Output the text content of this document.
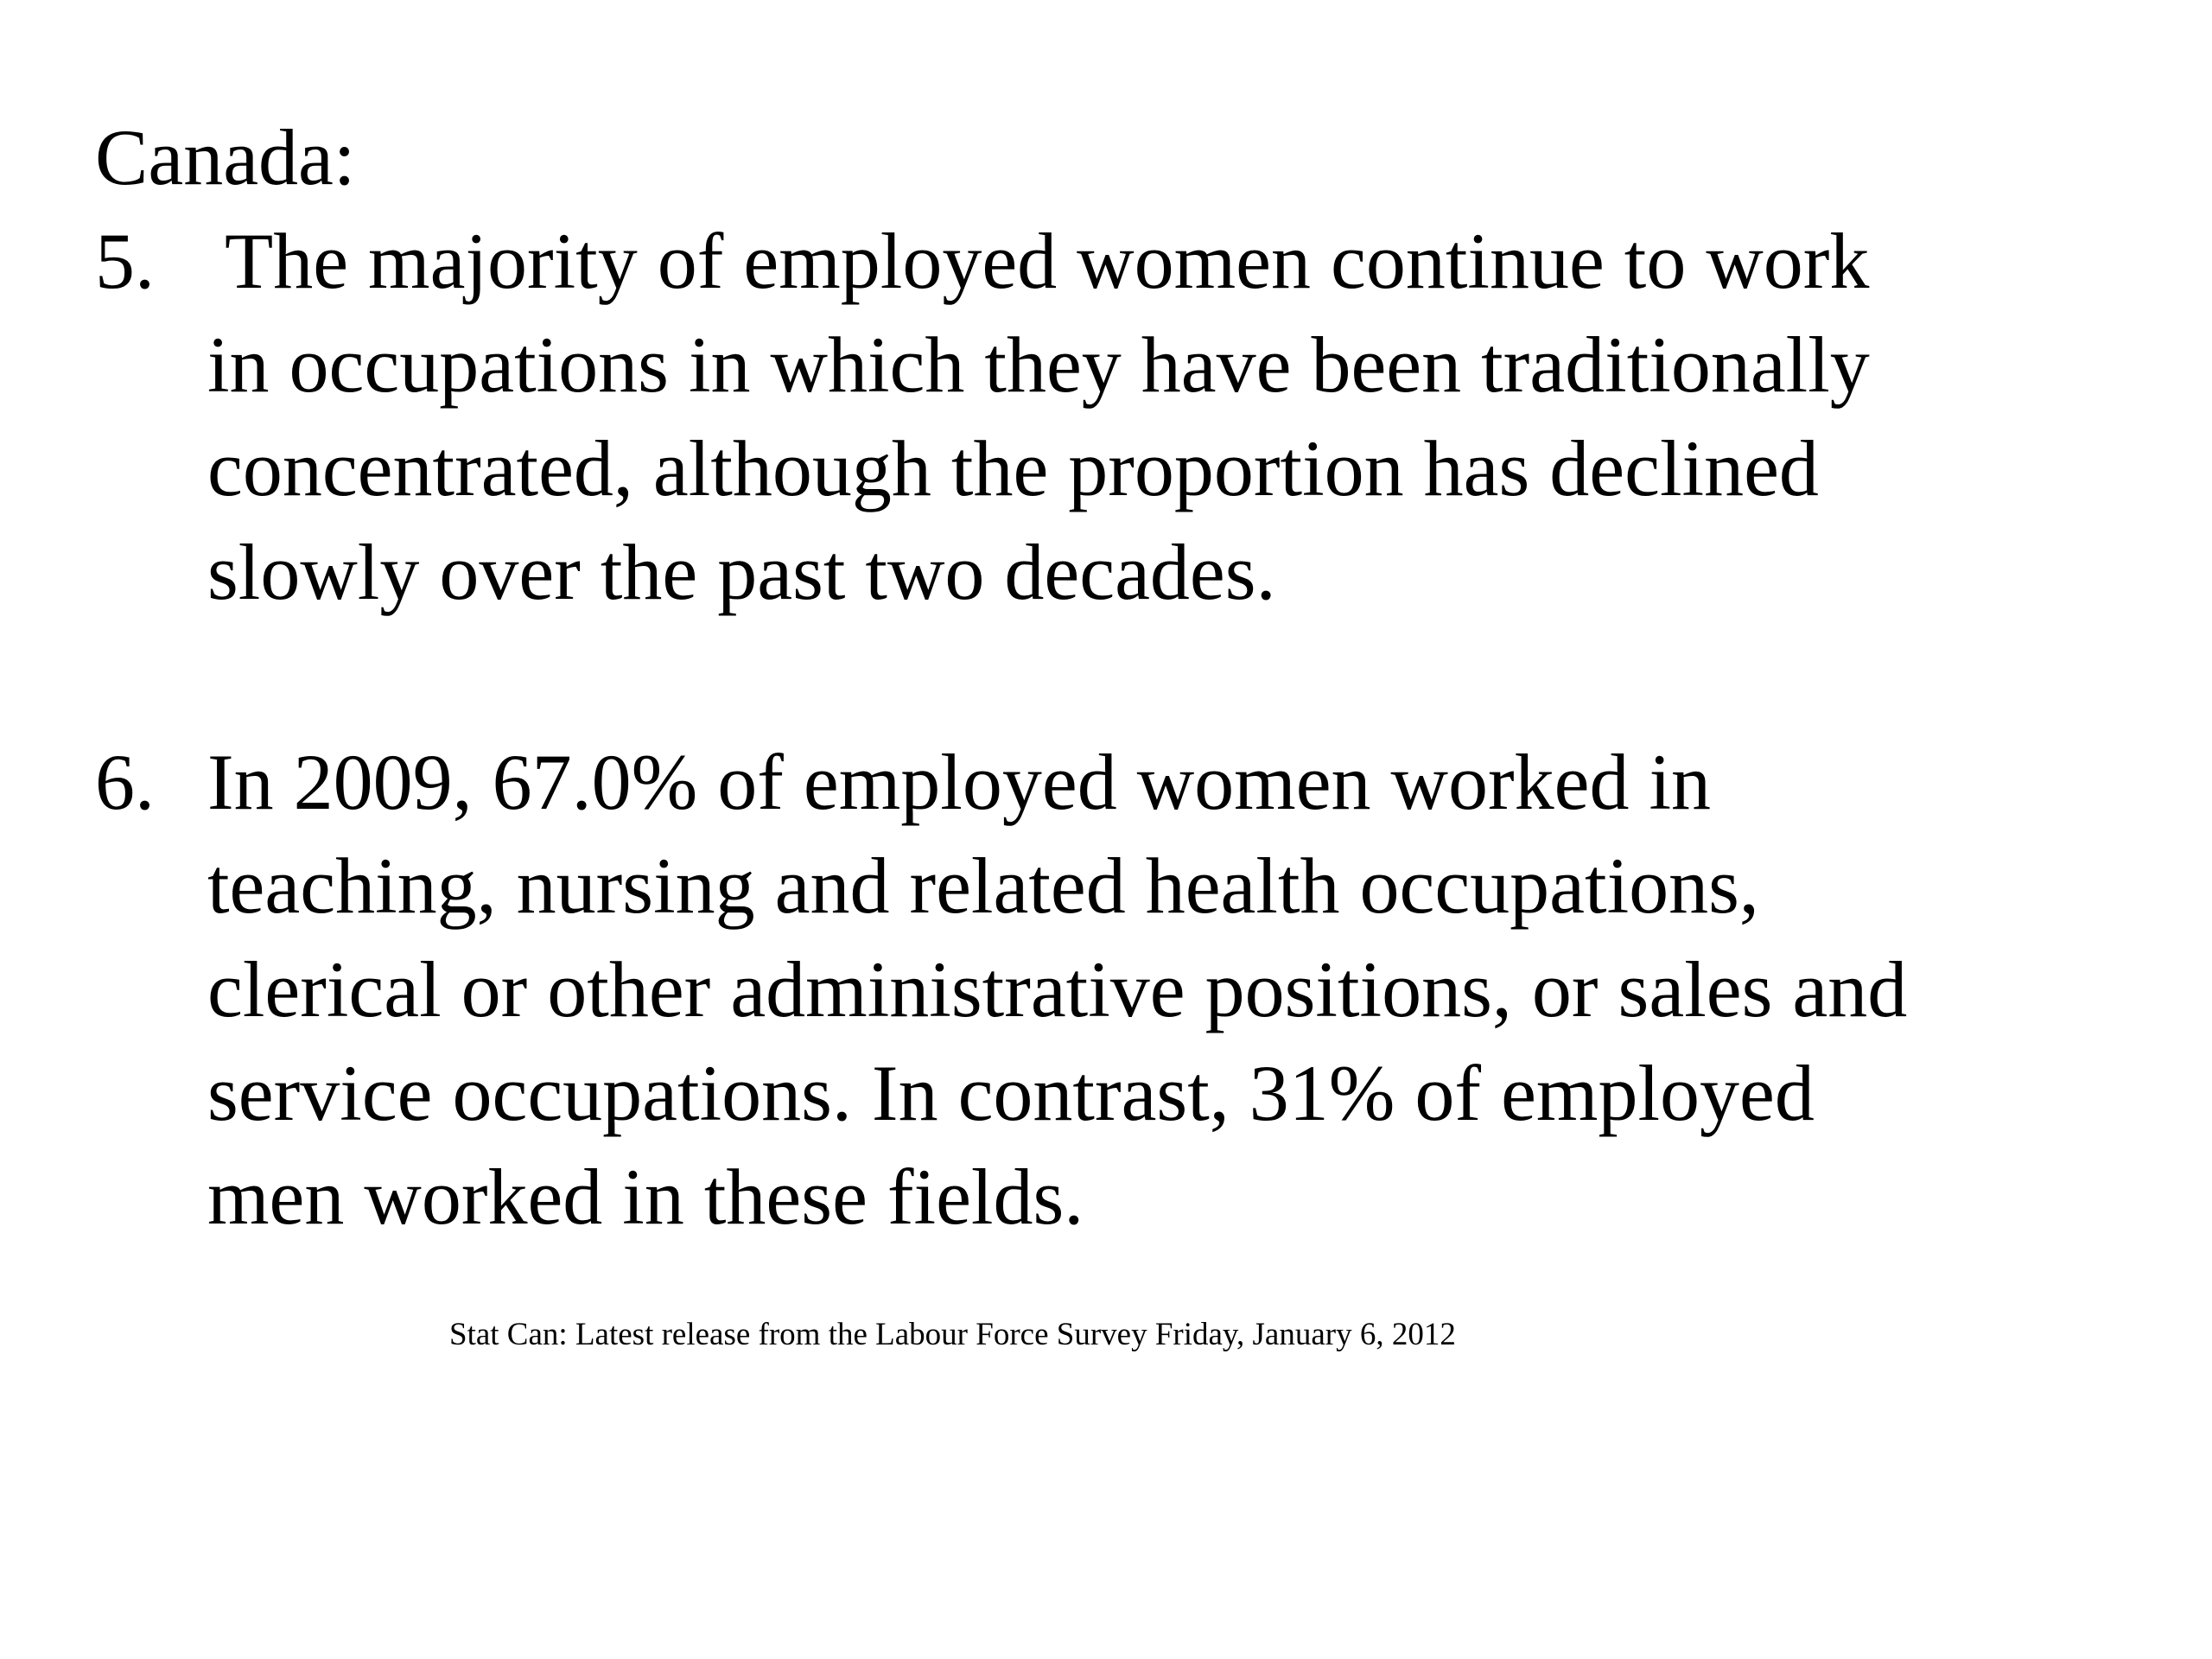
Canada:
5. The majority of employed women continue to work
in occupations in which they have been traditionally
concentrated, although the proportion has declined
slowly over the past two decades.
6. In 2009, 67.0% of employed women worked in
teaching, nursing and related health occupations,
clerical or other administrative positions, or sales and
service occupations. In contrast, 31% of employed
men worked in these fields.
Stat Can: Latest release from the Labour Force Survey Friday, January 6, 2012
